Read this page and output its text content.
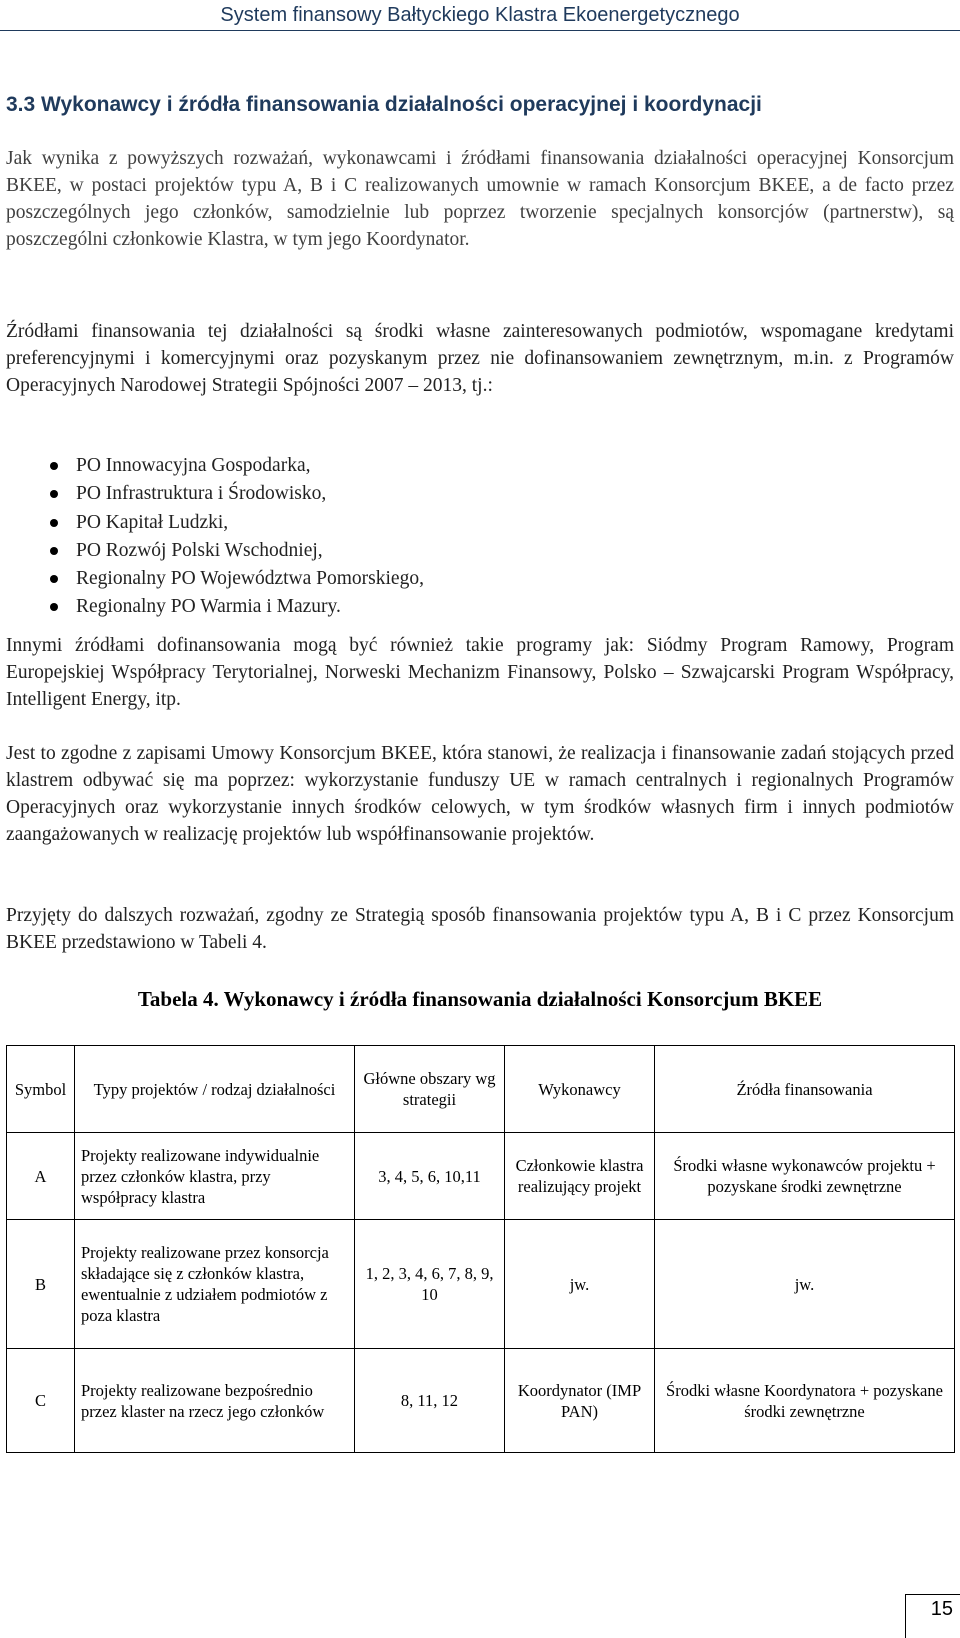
System finansowy Bałtyckiego Klastra Ekoenergetycznego
3.3 Wykonawcy i źródła finansowania działalności operacyjnej i koordynacji

Jak wynika z powyższych rozważań, wykonawcami i źródłami finansowania działalności operacyjnej Konsorcjum BKEE, w postaci projektów typu A, B i C realizowanych umownie w ramach Konsorcjum BKEE, a de facto przez poszczególnych jego członków, samodzielnie lub poprzez tworzenie specjalnych konsorcjów (partnerstw), są poszczególni członkowie Klastra, w tym jego Koordynator.

Źródłami finansowania tej działalności są środki własne zainteresowanych podmiotów, wspomagane kredytami preferencyjnymi i komercyjnymi oraz pozyskanym przez nie dofinansowaniem zewnętrznym, m.in. z Programów Operacyjnych Narodowej Strategii Spójności 2007 – 2013, tj.:

PO Innowacyjna Gospodarka,
PO Infrastruktura i Środowisko,
PO Kapitał Ludzki,
PO Rozwój Polski Wschodniej,
Regionalny PO Województwa Pomorskiego,
Regionalny PO Warmia i Mazury.

Innymi źródłami dofinansowania mogą być również takie programy jak: Siódmy Program Ramowy, Program Europejskiej Współpracy Terytorialnej, Norweski Mechanizm Finansowy, Polsko – Szwajcarski Program Współpracy, Intelligent Energy, itp.

Jest to zgodne z zapisami Umowy Konsorcjum BKEE, która stanowi, że realizacja i finansowanie zadań stojących przed klastrem odbywać się ma poprzez: wykorzystanie funduszy UE w ramach centralnych i regionalnych Programów Operacyjnych oraz wykorzystanie innych środków celowych, w tym środków własnych firm i innych podmiotów zaangażowanych w realizację projektów lub współfinansowanie projektów.

Przyjęty do dalszych rozważań, zgodny ze Strategią sposób finansowania projektów typu A, B i C przez Konsorcjum BKEE przedstawiono w Tabeli 4.

Tabela 4. Wykonawcy i źródła finansowania działalności Konsorcjum BKEE
Symbol	Typy projektów / rodzaj działalności	Główne obszary wg strategii	Wykonawcy	Źródła finansowania
A	Projekty realizowane indywidualnie przez członków klastra, przy współpracy klastra	3, 4, 5, 6, 10,11	Członkowie klastra realizujący projekt	Środki własne wykonawców projektu + pozyskane środki zewnętrzne
B	Projekty realizowane przez konsorcja składające się z członków klastra, ewentualnie z udziałem podmiotów z poza klastra	1, 2, 3, 4, 6, 7, 8, 9, 10	jw.	jw.
C	Projekty realizowane bezpośrednio przez klaster na rzecz jego członków	8, 11, 12	Koordynator (IMP PAN)	Środki własne Koordynatora + pozyskane środki zewnętrzne
15
